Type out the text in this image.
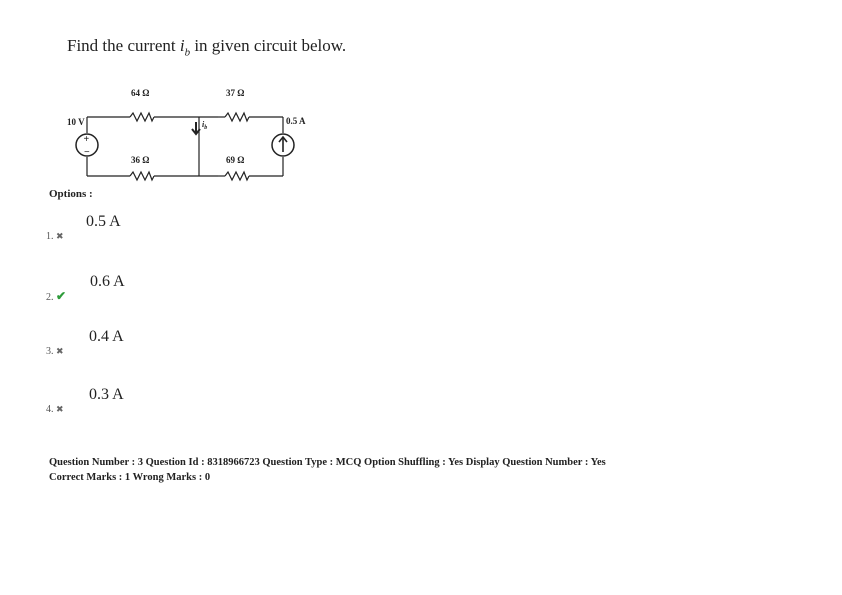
Find the current $i_b$ in given circuit below.
+
−
$i_b$
64 Ω	37 Ω
36 Ω	69 Ω
10 V	0.5 A
Options :
1. ✖
0.5 A
2. ✔
0.6 A
3. ✖
0.4 A
4. ✖
0.3 A
Question Number : 3 Question Id : 8318966723 Question Type : MCQ Option Shuffling : Yes Display Question Number : Yes
Correct Marks : 1 Wrong Marks : 0
